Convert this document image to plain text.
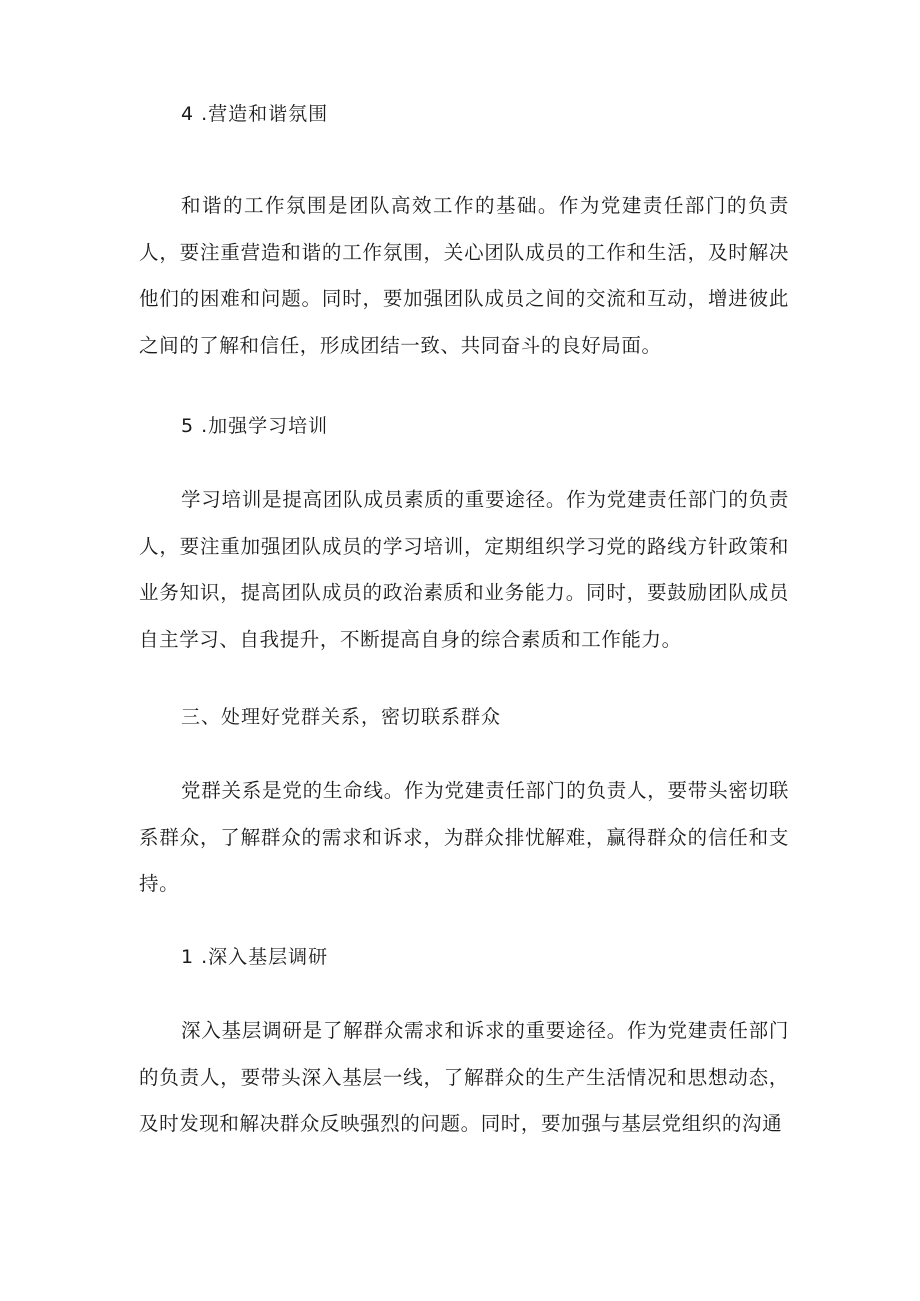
4 .营造和谐氛围
和谐的工作氛围是团队高效工作的基础。作为党建责任部门的负责人，要注重营造和谐的工作氛围，关心团队成员的工作和生活，及时解决他们的困难和问题。同时，要加强团队成员之间的交流和互动，增进彼此之间的了解和信任，形成团结一致、共同奋斗的良好局面。
5 .加强学习培训
学习培训是提高团队成员素质的重要途径。作为党建责任部门的负责人，要注重加强团队成员的学习培训，定期组织学习党的路线方针政策和业务知识，提高团队成员的政治素质和业务能力。同时，要鼓励团队成员自主学习、自我提升，不断提高自身的综合素质和工作能力。
三、处理好党群关系，密切联系群众
党群关系是党的生命线。作为党建责任部门的负责人，要带头密切联系群众，了解群众的需求和诉求，为群众排忧解难，赢得群众的信任和支持。
1 .深入基层调研
深入基层调研是了解群众需求和诉求的重要途径。作为党建责任部门的负责人，要带头深入基层一线，了解群众的生产生活情况和思想动态，及时发现和解决群众反映强烈的问题。同时，要加强与基层党组织的沟通
